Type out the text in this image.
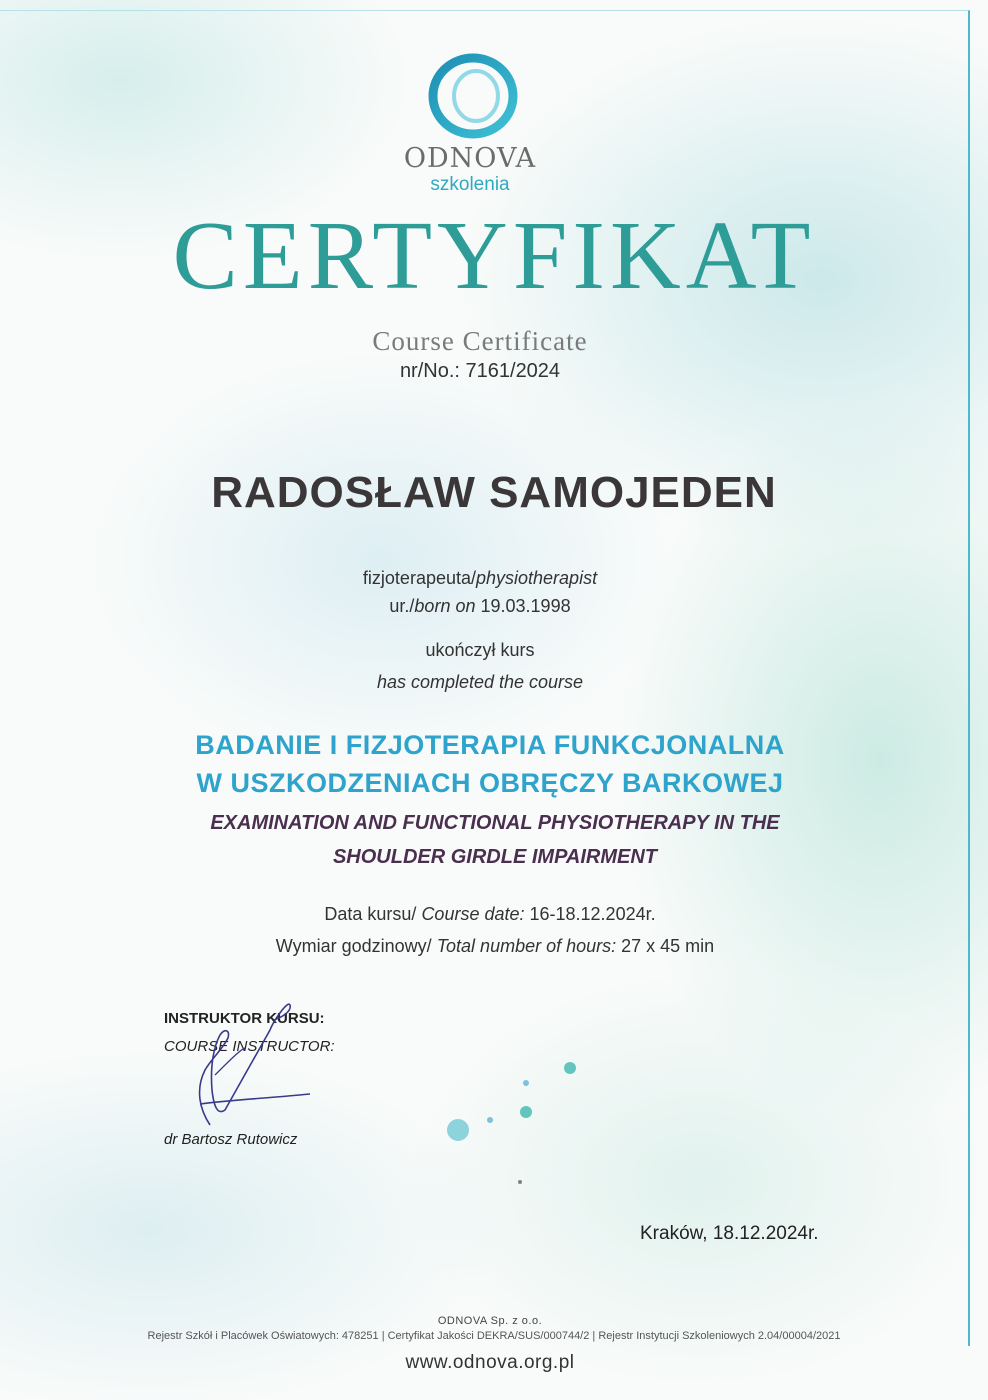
ODNOVA
szkolenia
CERTYFIKAT
Course Certificate
nr/No.: 7161/2024
RADOSŁAW SAMOJEDEN
fizjoterapeuta/physiotherapist
ur./born on 19.03.1998
ukończył kurs
has completed the course
BADANIE I FIZJOTERAPIA FUNKCJONALNA
W USZKODZENIACH OBRĘCZY BARKOWEJ
EXAMINATION AND FUNCTIONAL PHYSIOTHERAPY IN THE
SHOULDER GIRDLE IMPAIRMENT
Data kursu/ Course date: 16-18.12.2024r.
Wymiar godzinowy/ Total number of hours: 27 x 45 min
INSTRUKTOR KURSU:
COURSE INSTRUCTOR:
dr Bartosz Rutowicz
Kraków, 18.12.2024r.
ODNOVA Sp. z o.o.
Rejestr Szkół i Placówek Oświatowych: 478251 | Certyfikat Jakości DEKRA/SUS/000744/2 | Rejestr Instytucji Szkoleniowych 2.04/00004/2021
www.odnova.org.pl
